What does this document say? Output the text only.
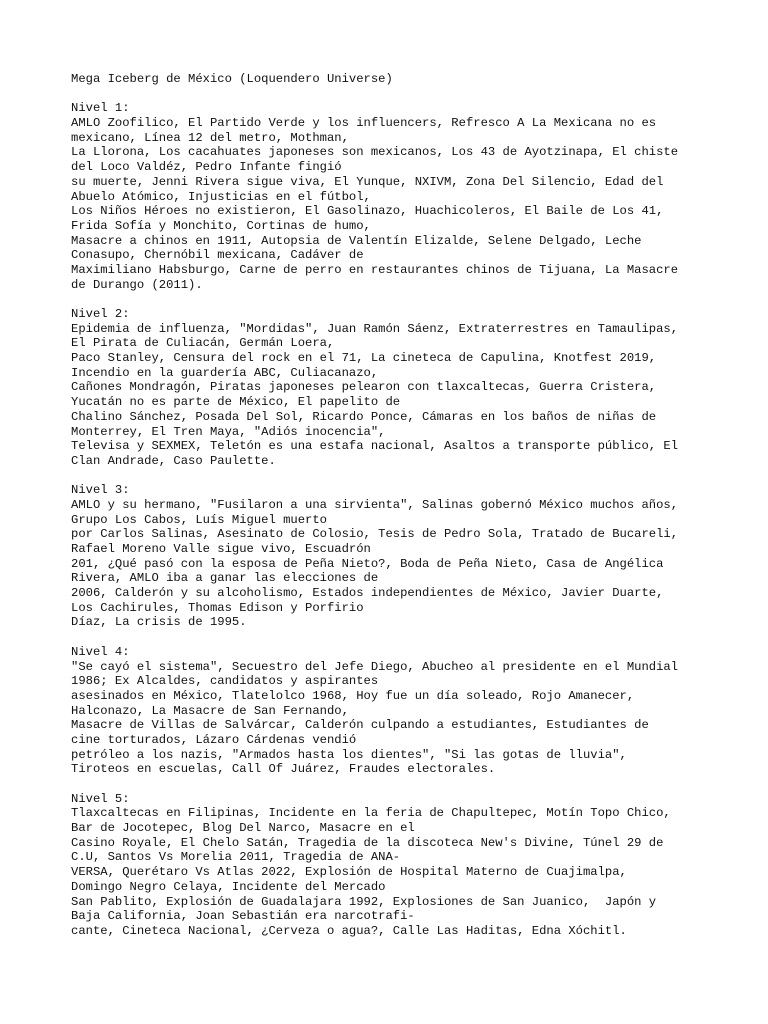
Mega Iceberg de México (Loquendero Universe)
Nivel 1:
AMLO Zoofilico, El Partido Verde y los influencers, Refresco A La Mexicana no es
mexicano, Línea 12 del metro, Mothman,
La Llorona, Los cacahuates japoneses son mexicanos, Los 43 de Ayotzinapa, El chiste
del Loco Valdéz, Pedro Infante fingió
su muerte, Jenni Rivera sigue viva, El Yunque, NXIVM, Zona Del Silencio, Edad del
Abuelo Atómico, Injusticias en el fútbol,
Los Niños Héroes no existieron, El Gasolinazo, Huachicoleros, El Baile de Los 41,
Frida Sofía y Monchito, Cortinas de humo,
Masacre a chinos en 1911, Autopsia de Valentín Elizalde, Selene Delgado, Leche
Conasupo, Chernóbil mexicana, Cadáver de
Maximiliano Habsburgo, Carne de perro en restaurantes chinos de Tijuana, La Masacre
de Durango (2011).
Nivel 2:
Epidemia de influenza, "Mordidas", Juan Ramón Sáenz, Extraterrestres en Tamaulipas,
El Pirata de Culiacán, Germán Loera,
Paco Stanley, Censura del rock en el 71, La cineteca de Capulina, Knotfest 2019,
Incendio en la guardería ABC, Culiacanazo,
Cañones Mondragón, Piratas japoneses pelearon con tlaxcaltecas, Guerra Cristera,
Yucatán no es parte de México, El papelito de
Chalino Sánchez, Posada Del Sol, Ricardo Ponce, Cámaras en los baños de niñas de
Monterrey, El Tren Maya, "Adiós inocencia",
Televisa y SEXMEX, Teletón es una estafa nacional, Asaltos a transporte público, El
Clan Andrade, Caso Paulette.
Nivel 3:
AMLO y su hermano, "Fusilaron a una sirvienta", Salinas gobernó México muchos años,
Grupo Los Cabos, Luís Miguel muerto
por Carlos Salinas, Asesinato de Colosio, Tesis de Pedro Sola, Tratado de Bucareli,
Rafael Moreno Valle sigue vivo, Escuadrón
201, ¿Qué pasó con la esposa de Peña Nieto?, Boda de Peña Nieto, Casa de Angélica
Rivera, AMLO iba a ganar las elecciones de
2006, Calderón y su alcoholismo, Estados independientes de México, Javier Duarte,
Los Cachirules, Thomas Edison y Porfirio
Díaz, La crisis de 1995.
Nivel 4:
"Se cayó el sistema", Secuestro del Jefe Diego, Abucheo al presidente en el Mundial
1986; Ex Alcaldes, candidatos y aspirantes
asesinados en México, Tlatelolco 1968, Hoy fue un día soleado, Rojo Amanecer,
Halconazo, La Masacre de San Fernando,
Masacre de Villas de Salvárcar, Calderón culpando a estudiantes, Estudiantes de
cine torturados, Lázaro Cárdenas vendió
petróleo a los nazis, "Armados hasta los dientes", "Si las gotas de lluvia",
Tiroteos en escuelas, Call Of Juárez, Fraudes electorales.
Nivel 5:
Tlaxcaltecas en Filipinas, Incidente en la feria de Chapultepec, Motín Topo Chico,
Bar de Jocotepec, Blog Del Narco, Masacre en el
Casino Royale, El Chelo Satán, Tragedia de la discoteca New's Divine, Túnel 29 de
C.U, Santos Vs Morelia 2011, Tragedia de ANA-
VERSA, Querétaro Vs Atlas 2022, Explosión de Hospital Materno de Cuajimalpa,
Domingo Negro Celaya, Incidente del Mercado
San Pablito, Explosión de Guadalajara 1992, Explosiones de San Juanico,  Japón y
Baja California, Joan Sebastián era narcotrafi-
cante, Cineteca Nacional, ¿Cerveza o agua?, Calle Las Haditas, Edna Xóchitl.
